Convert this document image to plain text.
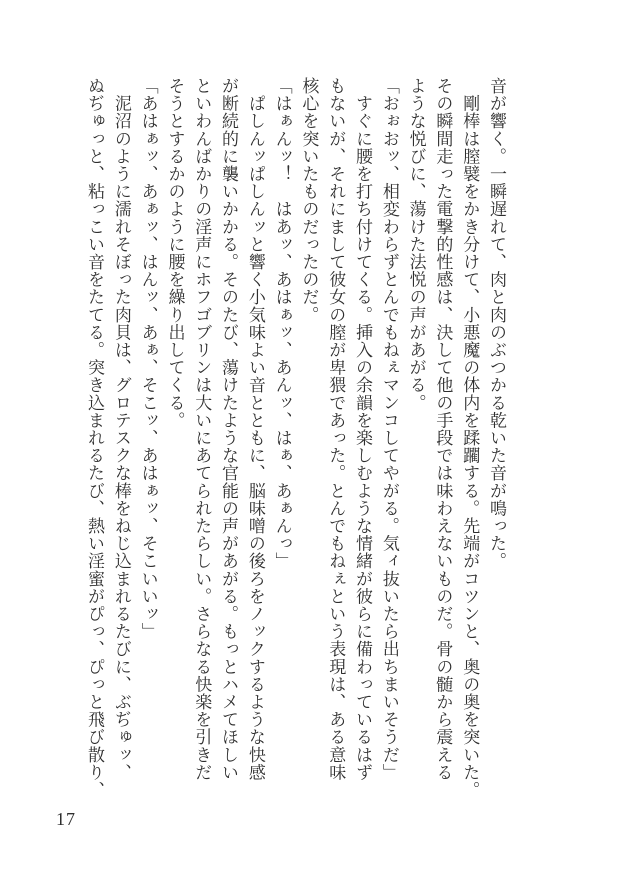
音が響く。一瞬遅れて、肉と肉のぶつかる乾いた音が鳴った。

　剛棒は膣襞をかき分けて、小悪魔の体内を蹂躙する。先端がコツンと、奥の奥を突いた。

その瞬間走った電撃的性感は、決して他の手段では味わえないものだ。骨の髄から震える

ような悦びに、蕩けた法悦の声があがる。

「おぉおッ、相変わらずとんでもねぇマンコしてやがる。気ィ抜いたら出ちまいそうだ」

　すぐに腰を打ち付けてくる。挿入の余韻を楽しむような情緒が彼らに備わっているはず

もないが、それにまして彼女の膣が卑猥であった。とんでもねぇという表現は、ある意味

核心を突いたものだったのだ。

「はぁんッ！　はあッ、あはぁッ、あんッ、はぁ、あぁんっ」

　ぱしんッぱしんッと響く小気味よい音とともに、脳味噌の後ろをノックするような快感

が断続的に襲いかかる。そのたび、蕩けたような官能の声があがる。もっとハメてほしい

といわんばかりの淫声にホフゴブリンは大いにあてられたらしい。さらなる快楽を引きだ

そうとするかのように腰を繰り出してくる。

「あはぁッ、あぁッ、はんッ、あぁ、そこッ、あはぁッ、そこいいッ」

　泥沼のように濡れそぼった肉貝は、グロテスクな棒をねじ込まれるたびに、ぶぢゅッ、

ぬぢゅっと、粘っこい音をたてる。突き込まれるたび、熱い淫蜜がぴっ、ぴっと飛び散り、

17
